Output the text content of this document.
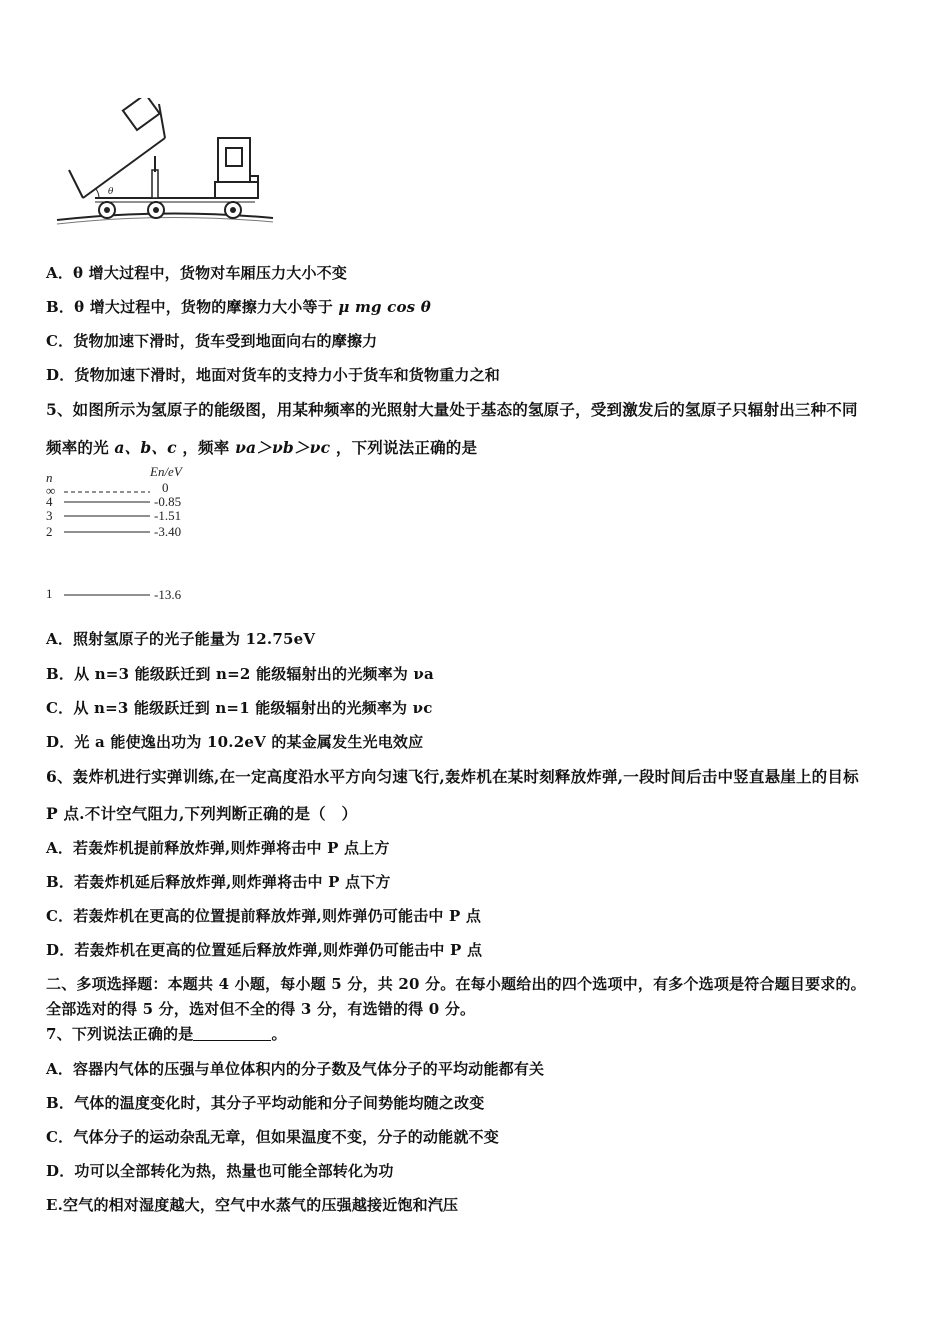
θ
A．θ 增大过程中，货物对车厢压力大小不变
B．θ 增大过程中，货物的摩擦力大小等于 μ mg cos θ
C．货物加速下滑时，货车受到地面向右的摩擦力
D．货物加速下滑时，地面对货车的支持力小于货车和货物重力之和
5、如图所示为氢原子的能级图，用某种频率的光照射大量处于基态的氢原子，受到激发后的氢原子只辐射出三种不同
频率的光 a、b、c ，频率 νa＞νb＞νc ，下列说法正确的是
n	En/eV
∞	0
4	-0.85
3	-1.51
2	-3.40
1	-13.6
A．照射氢原子的光子能量为 12.75eV
B．从 n=3 能级跃迁到 n=2 能级辐射出的光频率为 νa
C．从 n=3 能级跃迁到 n=1 能级辐射出的光频率为 νc
D．光 a 能使逸出功为 10.2eV 的某金属发生光电效应
6、轰炸机进行实弹训练,在一定高度沿水平方向匀速飞行,轰炸机在某时刻释放炸弹,一段时间后击中竖直悬崖上的目标
P 点.不计空气阻力,下列判断正确的是（　）
A．若轰炸机提前释放炸弹,则炸弹将击中 P 点上方
B．若轰炸机延后释放炸弹,则炸弹将击中 P 点下方
C．若轰炸机在更高的位置提前释放炸弹,则炸弹仍可能击中 P 点
D．若轰炸机在更高的位置延后释放炸弹,则炸弹仍可能击中 P 点
二、多项选择题：本题共 4 小题，每小题 5 分，共 20 分。在每小题给出的四个选项中，有多个选项是符合题目要求的。
全部选对的得 5 分，选对但不全的得 3 分，有选错的得 0 分。
7、下列说法正确的是	。
A．容器内气体的压强与单位体积内的分子数及气体分子的平均动能都有关
B．气体的温度变化时，其分子平均动能和分子间势能均随之改变
C．气体分子的运动杂乱无章，但如果温度不变，分子的动能就不变
D．功可以全部转化为热，热量也可能全部转化为功
E.空气的相对湿度越大，空气中水蒸气的压强越接近饱和汽压
